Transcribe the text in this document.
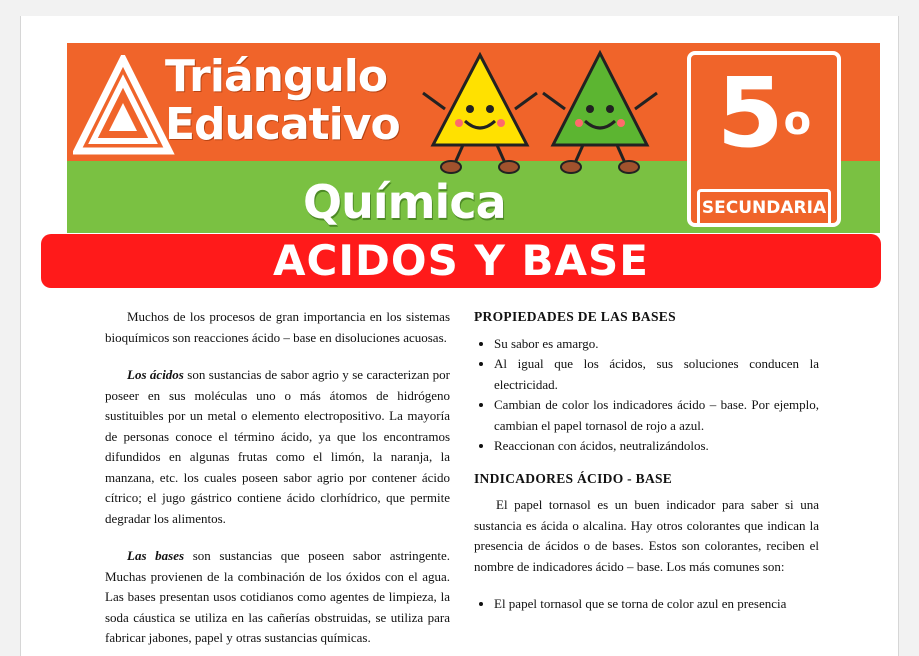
Triángulo
Educativo
Química
5$^o$
SECUNDARIA
ACIDOS Y BASE

Muchos de los procesos de gran importancia en los sistemas bioquímicos son reacciones ácido – base en disoluciones acuosas.

Los ácidos son sustancias de sabor agrio y se caracterizan por poseer en sus moléculas uno o más átomos de hidrógeno sustituibles por un metal o elemento electropositivo. La mayoría de personas conoce el término ácido, ya que los encontramos difundidos en algunas frutas como el limón, la naranja, la manzana, etc. los cuales poseen sabor agrio por contener ácido cítrico; el jugo gástrico contiene ácido clorhídrico, que permite degradar los alimentos.

Las bases son sustancias que poseen sabor astringente. Muchas provienen de la combinación de los óxidos con el agua. Las bases presentan usos cotidianos como agentes de limpieza, la soda cáustica se utiliza en las cañerías obstruidas, se utiliza para fabricar jabones, papel y otras sustancias químicas.

PROPIEDADES DE LAS BASES
• Su sabor es amargo.
• Al igual que los ácidos, sus soluciones conducen la electricidad.
• Cambian de color los indicadores ácido – base. Por ejemplo, cambian el papel tornasol de rojo a azul.
• Reaccionan con ácidos, neutralizándolos.
INDICADORES ÁCIDO - BASE

El papel tornasol es un buen indicador para saber si una sustancia es ácida o alcalina. Hay otros colorantes que indican la presencia de ácidos o de bases. Estos son colorantes, reciben el nombre de indicadores ácido – base. Los más comunes son:

• El papel tornasol que se torna de color azul en presencia
